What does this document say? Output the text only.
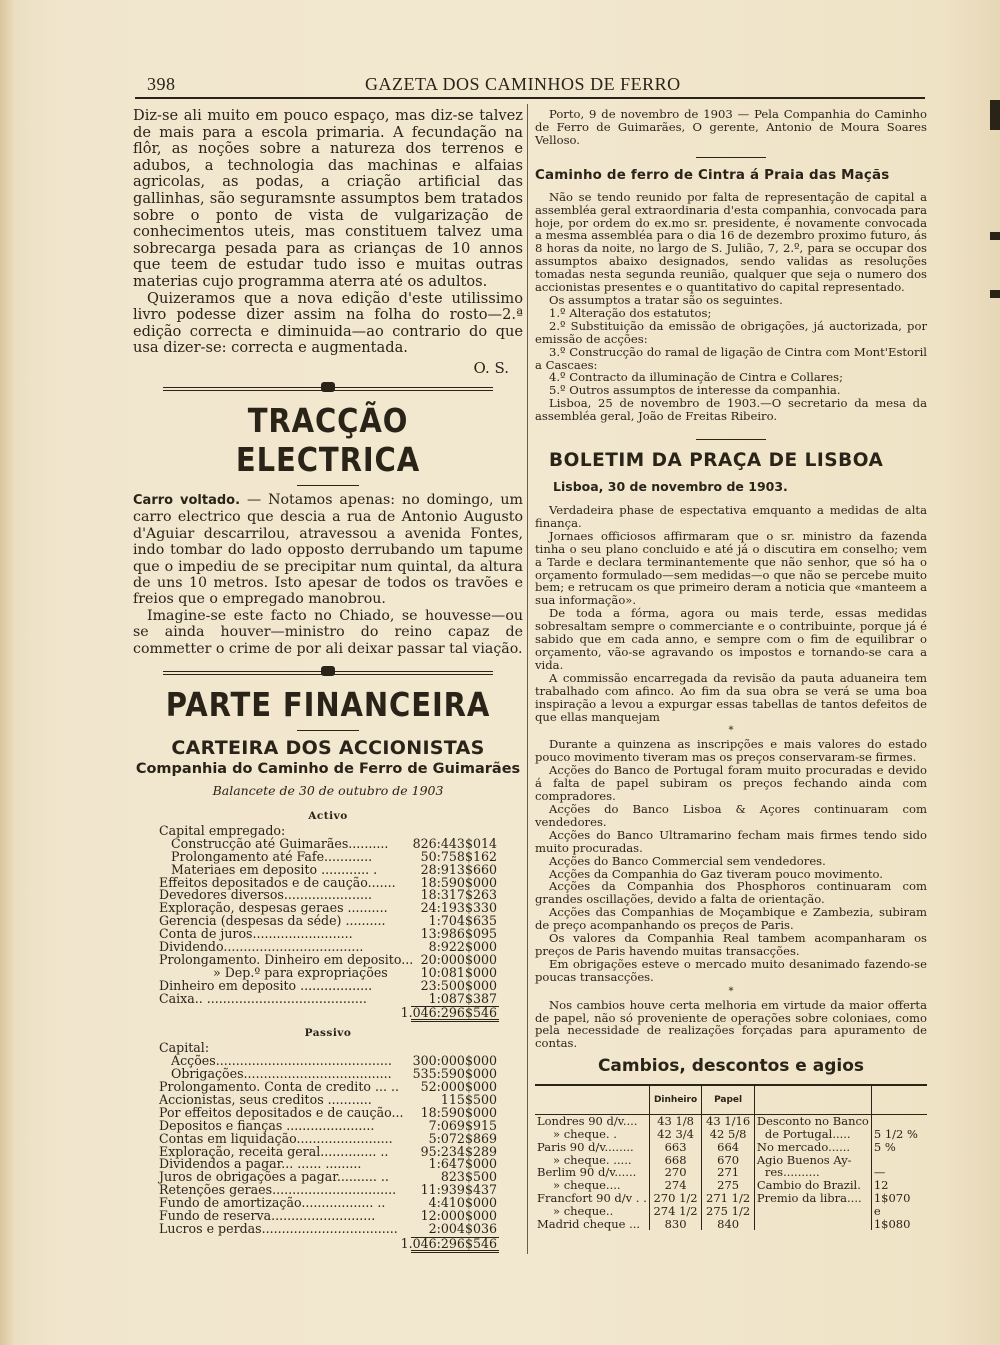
398	GAZETA DOS CAMINHOS DE FERRO

Diz-se ali muito em pouco espaço, mas diz-se talvez de mais para a escola primaria. A fecundação na flôr, as noções sobre a natureza dos terrenos e adubos, a technologia das machinas e alfaias agricolas, as podas, a criação artificial das gallinhas, são seguramsnte assumptos bem tratados sobre o ponto de vista de vulgarização de conhecimentos uteis, mas constituem talvez uma sobrecarga pesada para as crianças de 10 annos que teem de estudar tudo isso e muitas outras materias cujo programma aterra até os adultos.

Quizeramos que a nova edição d'este utilissimo livro podesse dizer assim na folha do rosto—2.ª edição correcta e diminuida—ao contrario do que usa dizer-se: correcta e augmentada.

O. S.
TRACÇÃO ELECTRICA

Carro voltado. — Notamos apenas: no domingo, um carro electrico que descia a rua de Antonio Augusto d'Aguiar descarrilou, atravessou a avenida Fontes, indo tombar do lado opposto derrubando um tapume que o impediu de se precipitar num quintal, da altura de uns 10 metros. Isto apesar de todos os travões e freios que o empregado manobrou.

Imagine-se este facto no Chiado, se houvesse—ou se ainda houver—ministro do reino capaz de commetter o crime de por ali deixar passar tal viação.

PARTE FINANCEIRA
CARTEIRA DOS ACCIONISTAS
Companhia do Caminho de Ferro de Guimarães
Balancete de 30 de outubro de 1903
Activo
Capital empregado:
Construcção até Guimarães.......... 826:443$014
Prolongamento até Fafe............	50:758$162
Materiaes em deposito ............ .	28:913$660
Effeitos depositados e de caução....... 18:590$000
Devedores diversos......................	18:317$263
Exploração, despesas geraes ..........	24:193$330
Gerencia (despesas da séde) ..........	1:704$635
Conta de juros.........................	13:986$095
Dividendo...................................	8:922$000
Prolongamento. Dinheiro em deposito... 20:000$000
» Dep.º para expropriações	10:081$000
Dinheiro em deposito ..................	23:500$000
Caixa.. ........................................	1:087$387
1.046:296$546
Passivo
Capital:
Acções............................................ 300:000$000
Obrigações..................................... 535:590$000
Prolongamento. Conta de credito ... .. 52:000$000
Accionistas, seus creditos ...........	115$500
Por effeitos depositados e de caução... 18:590$000
Depositos e fianças ......................	7:069$915
Contas em liquidação........................	5:072$869
Exploração, receita geral.............. ..	95:234$289
Dividendos a pagar... ...... .........	1:647$000
Juros de obrigações a pagar.......... ..	823$500
Retenções geraes............................... 11:939$437
Fundo de amortização.................. ..	4:410$000
Fundo de reserva..........................	12:000$000
Lucros e perdas.................................. 2:004$036
1.046:296$546

Porto, 9 de novembro de 1903 — Pela Companhia do Caminho de Ferro de Guimarães, O gerente, Antonio de Moura Soares Velloso.

Caminho de ferro de Cintra á Praia das Maçãs

Não se tendo reunido por falta de representação de capital a assembléa geral extraordinaria d'esta companhia, convocada para hoje, por ordem do ex.mo sr. presidente, é novamente convocada a mesma assembléa para o dia 16 de dezembro proximo futuro, ás 8 horas da noite, no largo de S. Julião, 7, 2.º, para se occupar dos assumptos abaixo designados, sendo validas as resoluções tomadas nesta segunda reunião, qualquer que seja o numero dos accionistas presentes e o quantitativo do capital representado.

Os assumptos a tratar são os seguintes.

1.º Alteração dos estatutos;

2.º Substituição da emissão de obrigações, já auctorizada, por emissão de acções:

3.º Construcção do ramal de ligação de Cintra com Mont'Estoril a Cascaes:

4.º Contracto da illuminação de Cintra e Collares;

5.º Outros assumptos de interesse da companhia.

Lisboa, 25 de novembro de 1903.—O secretario da mesa da assembléa geral, João de Freitas Ribeiro.

BOLETIM DA PRAÇA DE LISBOA
Lisboa, 30 de novembro de 1903.

Verdadeira phase de espectativa emquanto a medidas de alta finança.

Jornaes officiosos affirmaram que o sr. ministro da fazenda tinha o seu plano concluido e até já o discutira em conselho; vem a Tarde e declara terminantemente que não senhor, que só ha o orçamento formulado—sem medidas—o que não se percebe muito bem; e retrucam os que primeiro deram a noticia que «manteem a sua informação».

De toda a fórma, agora ou mais terde, essas medidas sobresaltam sempre o commerciante e o contribuinte, porque já é sabido que em cada anno, e sempre com o fim de equilibrar o orçamento, vão-se agravando os impostos e tornando-se cara a vida.

A commissão encarregada da revisão da pauta aduaneira tem trabalhado com afinco. Ao fim da sua obra se verá se uma boa inspiração a levou a expurgar essas tabellas de tantos defeitos de que ellas manquejam

*

Durante a quinzena as inscripções e mais valores do estado pouco movimento tiveram mas os preços conservaram-se firmes.

Acções do Banco de Portugal foram muito procuradas e devido á falta de papel subiram os preços fechando ainda com compradores.

Acções do Banco Lisboa & Açores continuaram com vendedores.

Acções do Banco Ultramarino fecham mais firmes tendo sido muito procuradas.

Acções do Banco Commercial sem vendedores.

Acções da Companhia do Gaz tiveram pouco movimento.

Acções da Companhia dos Phosphoros continuaram com grandes oscillações, devido a falta de orientação.

Acções das Companhias de Moçambique e Zambezia, subiram de preço acompanhando os preços de Paris.

Os valores da Companhia Real tambem acompanharam os preços de Paris havendo muitas transacções.

Em obrigações esteve o mercado muito desanimado fazendo-se poucas transacções.

*

Nos cambios houve certa melhoria em virtude da maior offerta de papel, não só proveniente de operações sobre coloniaes, como pela necessidade de realizações forçadas para apuramento de contas.

Cambios, descontos e agios
	Dinheiro	Papel		
Londres 90 d/v....	43 1/8	43 1/16	Desconto no Banco	
» cheque. .	42 3/4	42 5/8	de Portugal.....	5 1/2 %
Paris 90 d/v........	663	664	No mercado......	5 %
» cheque. .....	668	670	Agio Buenos Ay-	
Berlim 90 d/v......	270	271	res..........	—
» cheque....	274	275	Cambio do Brazil.	12
Francfort 90 d/v . .	270 1/2	271 1/2	Premio da libra....	1$070
» cheque..	274 1/2	275 1/2		e
Madrid cheque ...	830	840		1$080
